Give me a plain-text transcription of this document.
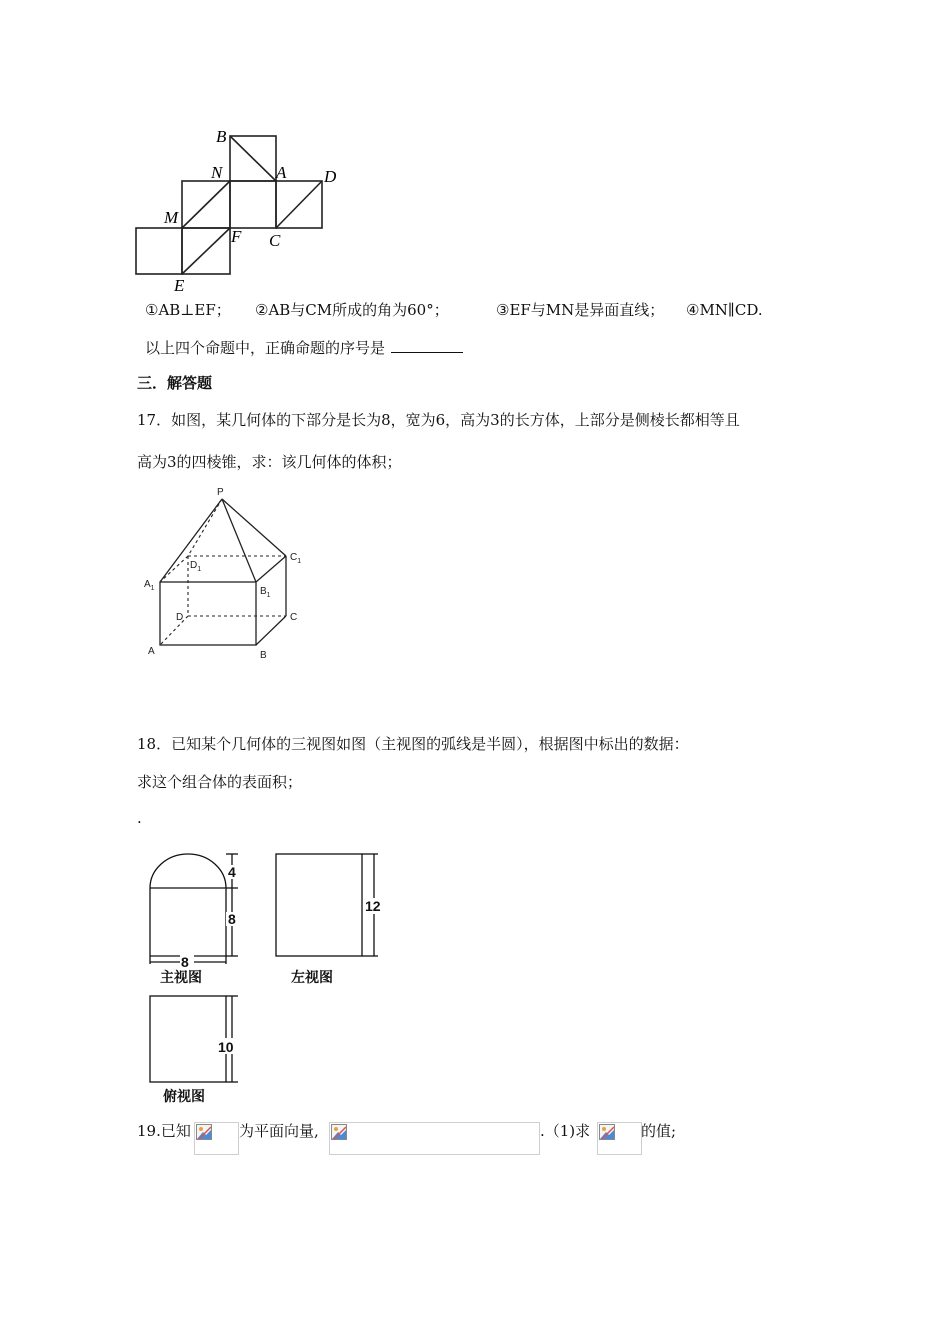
B
N	A D
M
F C
E
①AB⊥EF； ②AB与CM所成的角为60°；	③EF与MN是异面直线； ④MN∥CD.
以上四个命题中，正确命题的序号是
三．解答题
17．如图，某几何体的下部分是长为8，宽为6，高为3的长方体，上部分是侧棱长都相等且
高为3的四棱锥，求：该几何体的体积；
P
$D_1$
$C_1$
$A_1$	$B_1$
D	C
A	B
18．已知某个几何体的三视图如图（主视图的弧线是半圆），根据图中标出的数据：
求这个组合体的表面积；
.
4
8
8
主视图
12
左视图
10
俯视图
19.已知	为平面向量,	.（1)求	的值;
